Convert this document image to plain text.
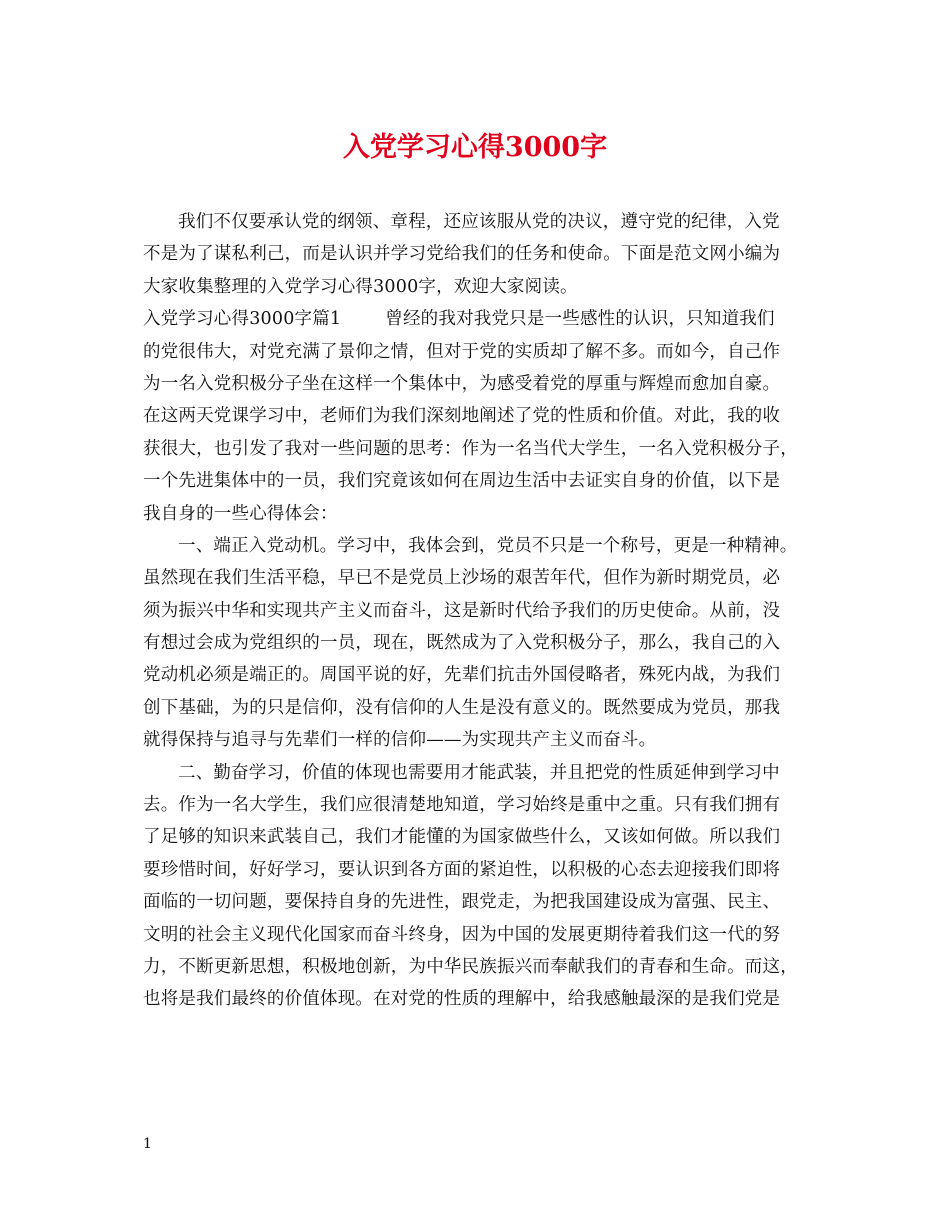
入党学习心得3000字
我们不仅要承认党的纲领、章程，还应该服从党的决议，遵守党的纪律，入党
不是为了谋私利己，而是认识并学习党给我们的任务和使命。下面是范文网小编为
大家收集整理的入党学习心得3000字，欢迎大家阅读。
入党学习心得3000字篇1	曾经的我对我党只是一些感性的认识，只知道我们
的党很伟大，对党充满了景仰之情，但对于党的实质却了解不多。而如今，自己作
为一名入党积极分子坐在这样一个集体中，为感受着党的厚重与辉煌而愈加自豪。
在这两天党课学习中，老师们为我们深刻地阐述了党的性质和价值。对此，我的收
获很大，也引发了我对一些问题的思考：作为一名当代大学生，一名入党积极分子，
一个先进集体中的一员，我们究竟该如何在周边生活中去证实自身的价值，以下是
我自身的一些心得体会：
一、端正入党动机。学习中，我体会到，党员不只是一个称号，更是一种精神。
虽然现在我们生活平稳，早已不是党员上沙场的艰苦年代，但作为新时期党员，必
须为振兴中华和实现共产主义而奋斗，这是新时代给予我们的历史使命。从前，没
有想过会成为党组织的一员，现在，既然成为了入党积极分子，那么，我自己的入
党动机必须是端正的。周国平说的好，先辈们抗击外国侵略者，殊死内战，为我们
创下基础，为的只是信仰，没有信仰的人生是没有意义的。既然要成为党员，那我
就得保持与追寻与先辈们一样的信仰——为实现共产主义而奋斗。
二、勤奋学习，价值的体现也需要用才能武装，并且把党的性质延伸到学习中
去。作为一名大学生，我们应很清楚地知道，学习始终是重中之重。只有我们拥有
了足够的知识来武装自己，我们才能懂的为国家做些什么，又该如何做。所以我们
要珍惜时间，好好学习，要认识到各方面的紧迫性，以积极的心态去迎接我们即将
面临的一切问题，要保持自身的先进性，跟党走，为把我国建设成为富强、民主、
文明的社会主义现代化国家而奋斗终身，因为中国的发展更期待着我们这一代的努
力，不断更新思想，积极地创新，为中华民族振兴而奉献我们的青春和生命。而这，
也将是我们最终的价值体现。在对党的性质的理解中，给我感触最深的是我们党是
1
